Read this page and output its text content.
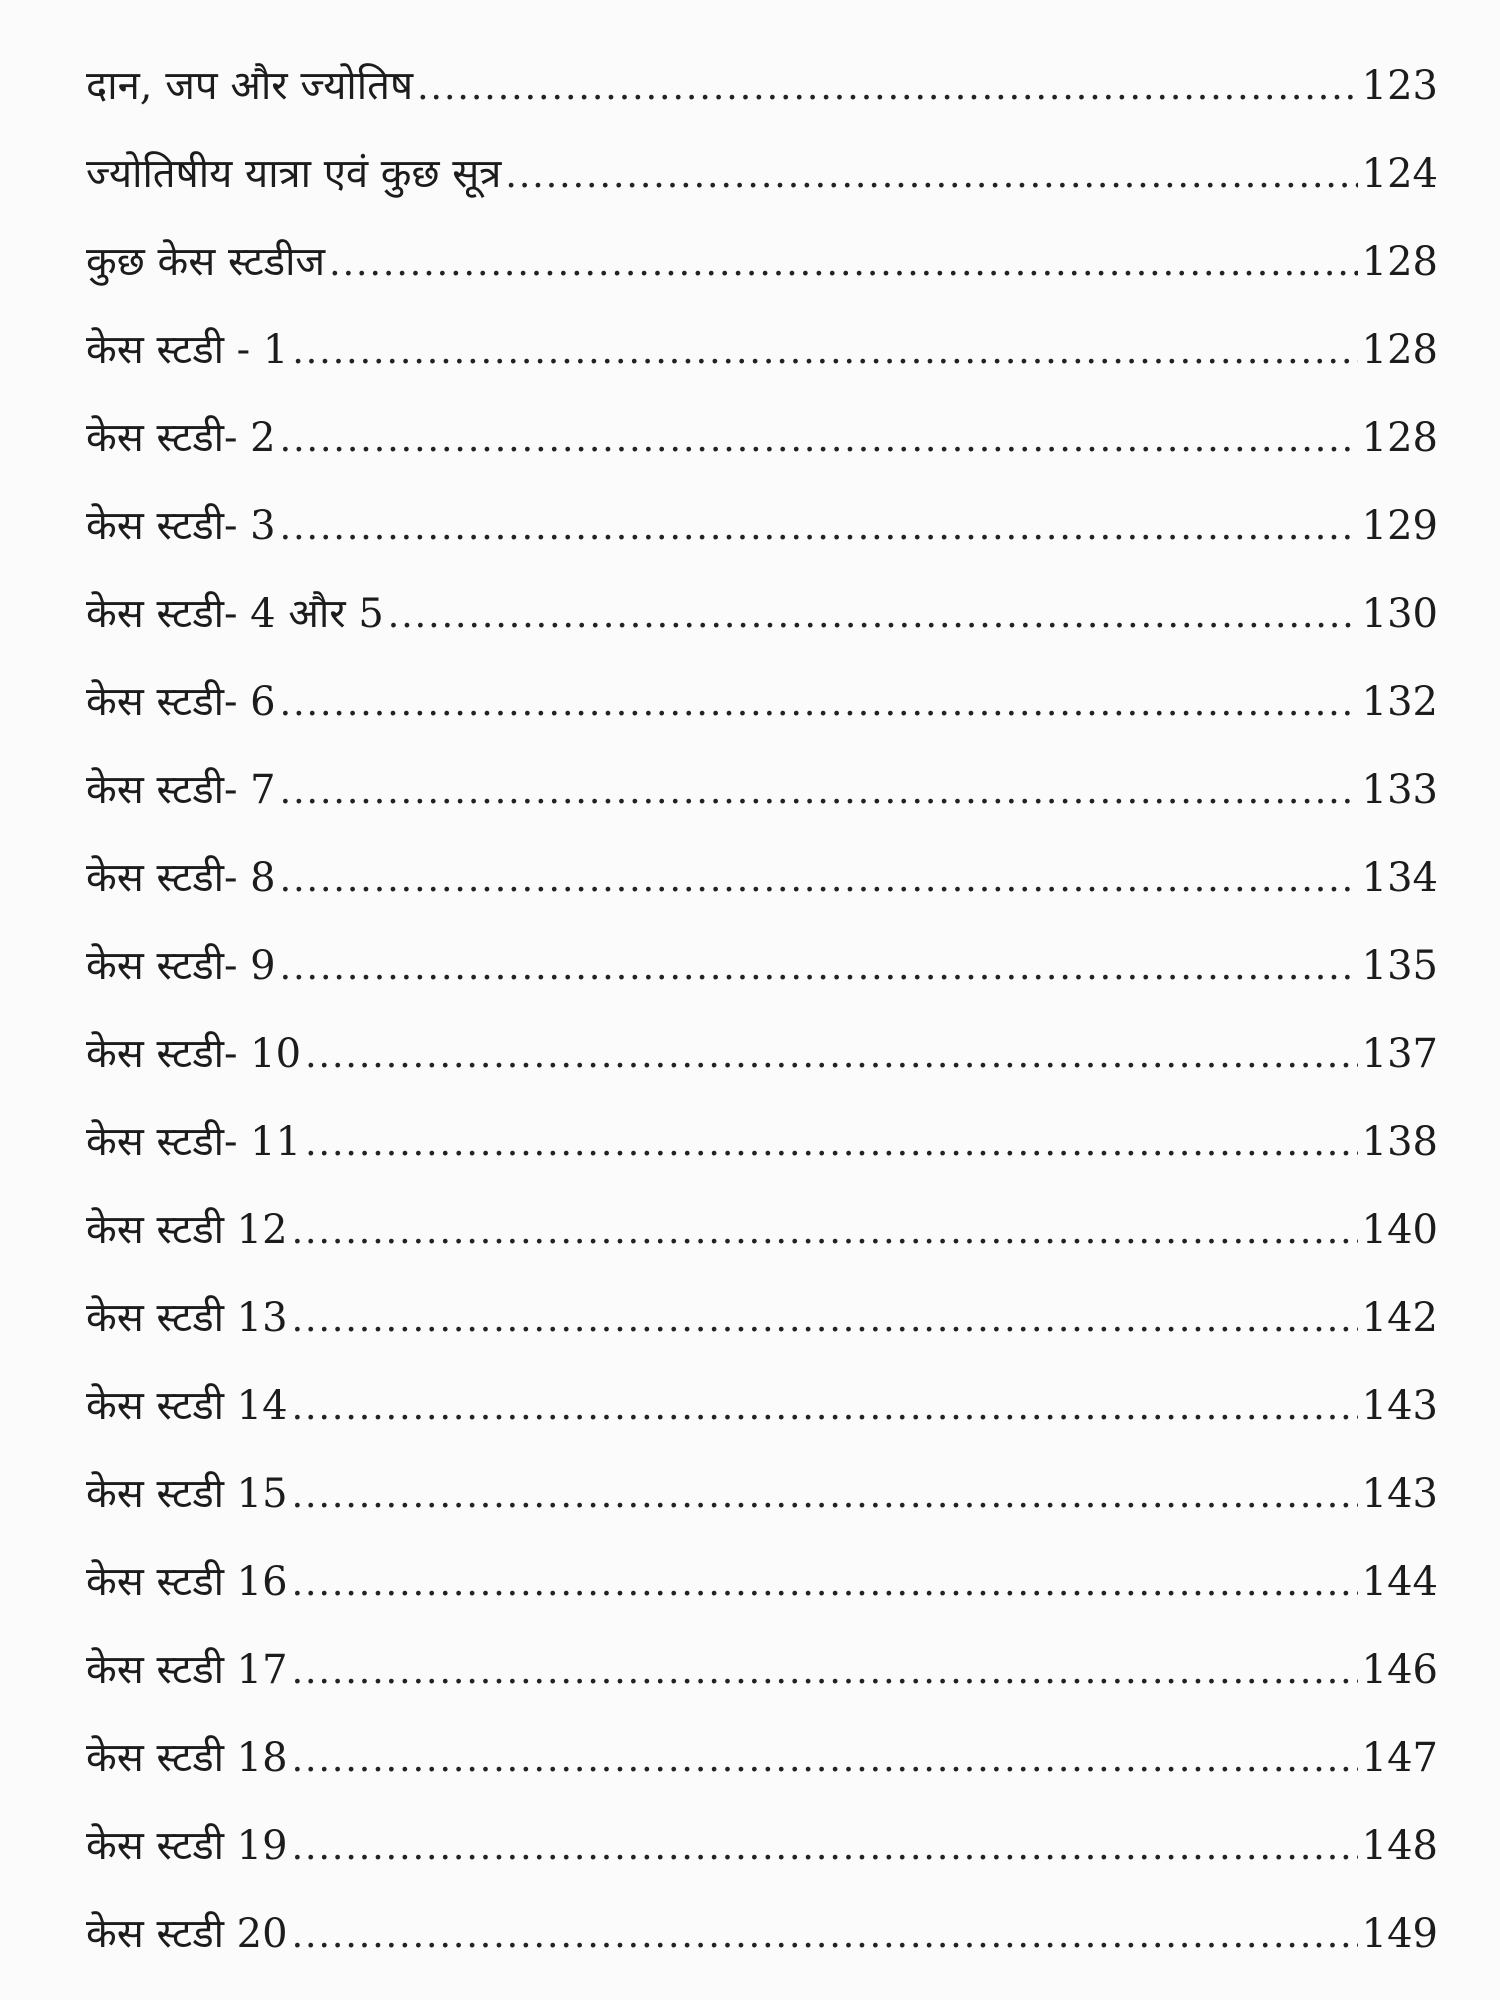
दान, जप और ज्योतिष .....	123
ज्योतिषीय यात्रा एवं कुछ सूत्र .....	124
कुछ केस स्टडीज .....	128
केस स्टडी - 1 .....	128
केस स्टडी- 2 .....	128
केस स्टडी- 3 .....	129
केस स्टडी- 4 और 5 .....	130
केस स्टडी- 6 .....	132
केस स्टडी- 7 .....	133
केस स्टडी- 8 .....	134
केस स्टडी- 9 .....	135
केस स्टडी- 10 .....	137
केस स्टडी- 11 .....	138
केस स्टडी 12 .....	140
केस स्टडी 13 .....	142
केस स्टडी 14 .....	143
केस स्टडी 15 .....	143
केस स्टडी 16 .....	144
केस स्टडी 17 .....	146
केस स्टडी 18 .....	147
केस स्टडी 19 .....	148
केस स्टडी 20 .....	149
